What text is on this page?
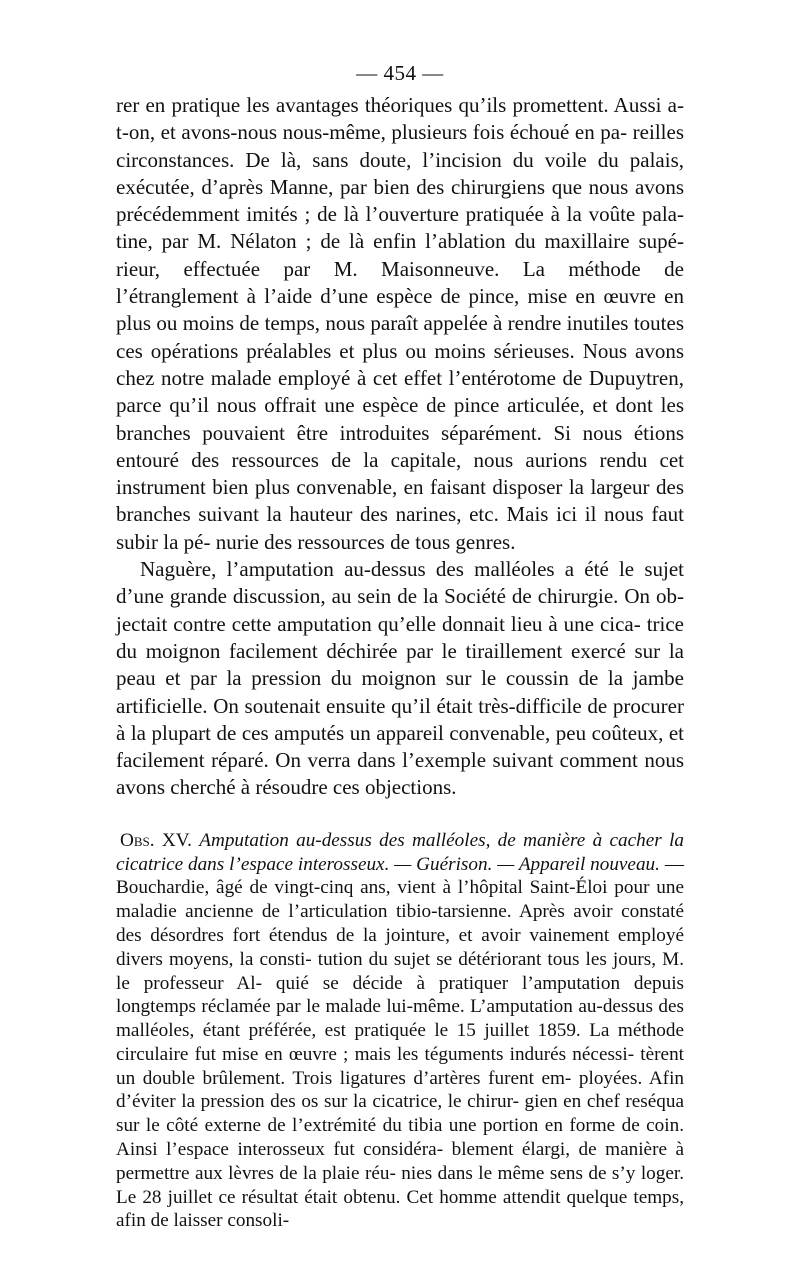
— 454 —

rer en pratique les avantages théoriques qu’ils promettent. Aussi a-t-on, et avons-nous nous-même, plusieurs fois échoué en pa- reilles circonstances. De là, sans doute, l’incision du voile du palais, exécutée, d’après Manne, par bien des chirurgiens que nous avons précédemment imités ; de là l’ouverture pratiquée à la voûte pala- tine, par M. Nélaton ; de là enfin l’ablation du maxillaire supé- rieur, effectuée par M. Maisonneuve. La méthode de l’étranglement à l’aide d’une espèce de pince, mise en œuvre en plus ou moins de temps, nous paraît appelée à rendre inutiles toutes ces opérations préalables et plus ou moins sérieuses. Nous avons chez notre malade employé à cet effet l’entérotome de Dupuytren, parce qu’il nous offrait une espèce de pince articulée, et dont les branches pouvaient être introduites séparément. Si nous étions entouré des ressources de la capitale, nous aurions rendu cet instrument bien plus convenable, en faisant disposer la largeur des branches suivant la hauteur des narines, etc. Mais ici il nous faut subir la pé- nurie des ressources de tous genres.

Naguère, l’amputation au-dessus des malléoles a été le sujet d’une grande discussion, au sein de la Société de chirurgie. On ob- jectait contre cette amputation qu’elle donnait lieu à une cica- trice du moignon facilement déchirée par le tiraillement exercé sur la peau et par la pression du moignon sur le coussin de la jambe artificielle. On soutenait ensuite qu’il était très-difficile de procurer à la plupart de ces amputés un appareil convenable, peu coûteux, et facilement réparé. On verra dans l’exemple suivant comment nous avons cherché à résoudre ces objections.

Obs. XV. Amputation au-dessus des malléoles, de manière à cacher la cicatrice dans l’espace interosseux. — Guérison. — Appareil nouveau. — Bouchardie, âgé de vingt-cinq ans, vient à l’hôpital Saint-Éloi pour une maladie ancienne de l’articulation tibio-tarsienne. Après avoir constaté des désordres fort étendus de la jointure, et avoir vainement employé divers moyens, la consti- tution du sujet se détériorant tous les jours, M. le professeur Al- quié se décide à pratiquer l’amputation depuis longtemps réclamée par le malade lui-même. L’amputation au-dessus des malléoles, étant préférée, est pratiquée le 15 juillet 1859. La méthode circulaire fut mise en œuvre ; mais les téguments indurés nécessi- tèrent un double brûlement. Trois ligatures d’artères furent em- ployées. Afin d’éviter la pression des os sur la cicatrice, le chirur- gien en chef reséqua sur le côté externe de l’extrémité du tibia une portion en forme de coin. Ainsi l’espace interosseux fut considéra- blement élargi, de manière à permettre aux lèvres de la plaie réu- nies dans le même sens de s’y loger. Le 28 juillet ce résultat était obtenu. Cet homme attendit quelque temps, afin de laisser consoli-
